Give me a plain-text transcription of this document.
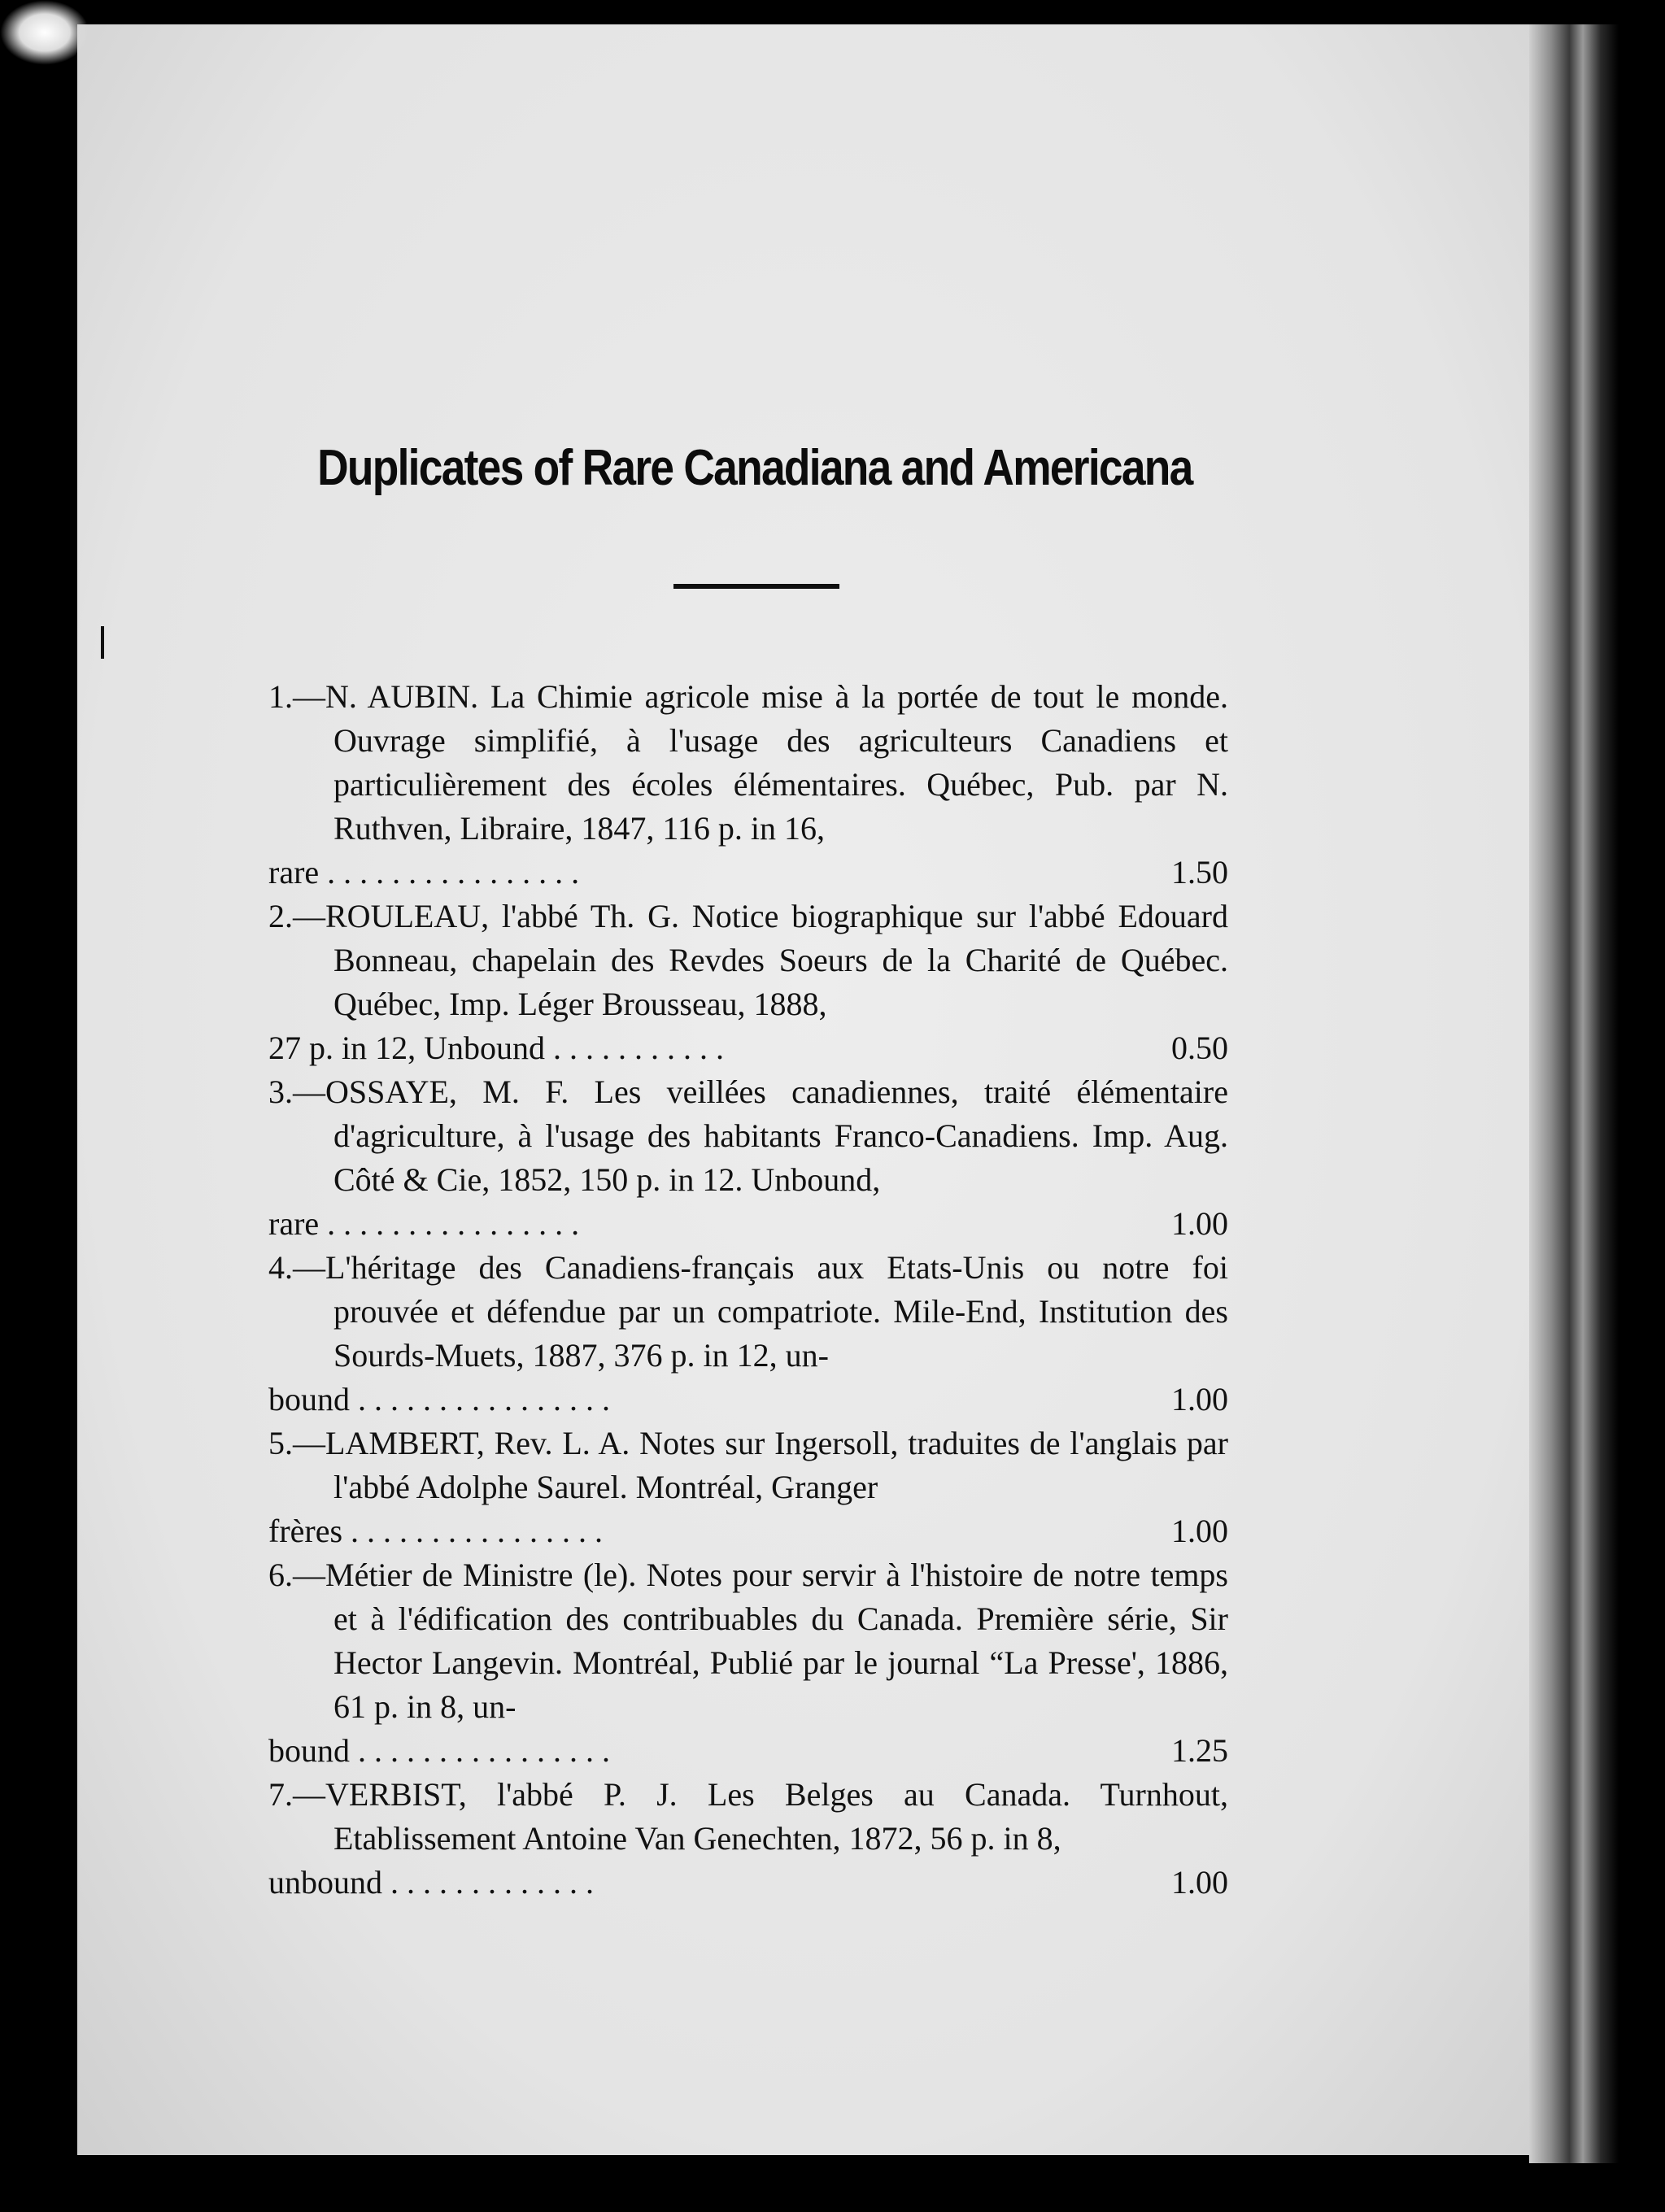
Duplicates of Rare Canadiana and Americana
1.—N. AUBIN. La Chimie agricole mise à la portée de tout le monde. Ouvrage simplifié, à l'usage des agriculteurs Canadiens et particulièrement des écoles élémentaires. Québec, Pub. par N. Ruthven, Libraire, 1847, 116 p. in 16,
rare . . . . . . . . . . . . . . . .	1.50
2.—ROULEAU, l'abbé Th. G. Notice biographique sur l'abbé Edouard Bonneau, chapelain des Revdes Soeurs de la Charité de Québec. Québec, Imp. Léger Brousseau, 1888,
27 p. in 12, Unbound . . . . . . . . . . .	0.50
3.—OSSAYE, M. F. Les veillées canadiennes, traité élémentaire d'agriculture, à l'usage des habitants Franco-Canadiens. Imp. Aug. Côté & Cie, 1852, 150 p. in 12. Unbound,
rare . . . . . . . . . . . . . . . .	1.00
4.—L'héritage des Canadiens-français aux Etats-Unis ou notre foi prouvée et défendue par un compatriote. Mile-End, Institution des Sourds-Muets, 1887, 376 p. in 12, un-
bound . . . . . . . . . . . . . . . .	1.00
5.—LAMBERT, Rev. L. A. Notes sur Ingersoll, traduites de l'anglais par l'abbé Adolphe Saurel. Montréal, Granger
frères . . . . . . . . . . . . . . . .	1.00
6.—Métier de Ministre (le). Notes pour servir à l'histoire de notre temps et à l'édification des contribuables du Canada. Première série, Sir Hector Langevin. Montréal, Publié par le journal “La Presse', 1886, 61 p. in 8, un-
bound . . . . . . . . . . . . . . . .	1.25
7.—VERBIST, l'abbé P. J. Les Belges au Canada. Turnhout, Etablissement Antoine Van Genechten, 1872, 56 p. in 8,
unbound . . . . . . . . . . . . .	1.00
